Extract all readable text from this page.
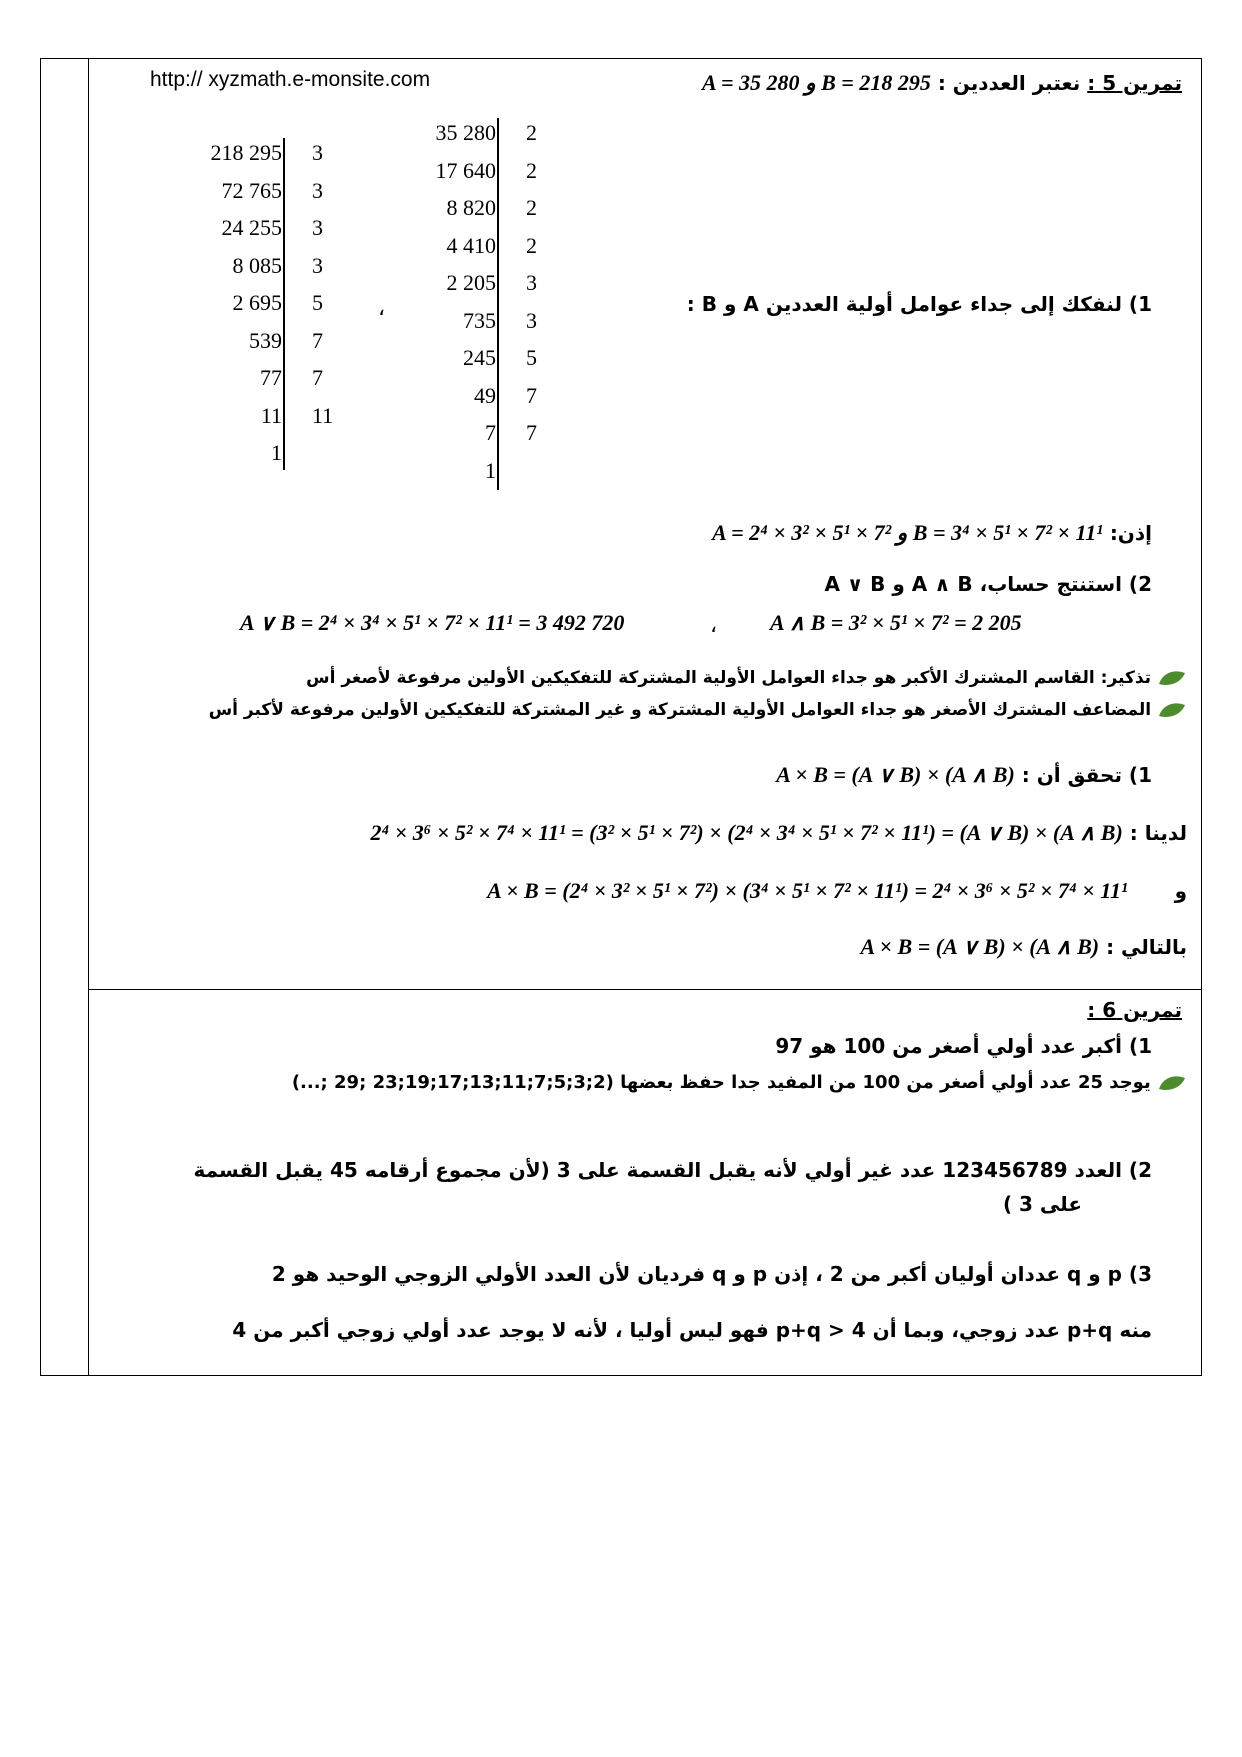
http:// xyzmath.e-monsite.com	تمرين 5 : نعتبر العددين : B = 218 295 و A = 35 280
218 295
72 765
24 255
8 085
2 695
539
77
11
1
3
3
3
3
5
7
7
11
،
35 280
17 640
8 820
4 410
2 205
735
245
49
7
1
2
2
2
2
3
3
5
7
7
1) لنفكك إلى جداء عوامل أولية العددين A و B :
إذن: B = 3⁴ × 5¹ × 7² × 11¹ و A = 2⁴ × 3² × 5¹ × 7²
2) استنتج حساب، A ∧ B و A ∨ B
A ∨ B = 2⁴ × 3⁴ × 5¹ × 7² × 11¹ = 3 492 720	، A ∧ B = 3² × 5¹ × 7² = 2 205
تذكير: القاسم المشترك الأكبر هو جداء العوامل الأولية المشتركة للتفكيكين الأولين مرفوعة لأصغر أس
المضاعف المشترك الأصغر هو جداء العوامل الأولية المشتركة و غير المشتركة للتفكيكين الأولين مرفوعة لأكبر أس
1) تحقق أن : (A ∧ B) × (A ∨ B) = A × B
لدينا : (A ∧ B) × (A ∨ B) = (2⁴ × 3⁴ × 5¹ × 7² × 11¹) × (3² × 5¹ × 7²) = 2⁴ × 3⁶ × 5² × 7⁴ × 11¹
و A × B = (2⁴ × 3² × 5¹ × 7²) × (3⁴ × 5¹ × 7² × 11¹) = 2⁴ × 3⁶ × 5² × 7⁴ × 11¹
بالتالي : (A ∧ B) × (A ∨ B) = A × B
تمرين 6 :
1) أكبر عدد أولي أصغر من 100 هو 97
يوجد 25 عدد أولي أصغر من 100 من المفيد جدا حفظ بعضها (2;3;5;7;11;13;17;19;23 ;29 ;...)
2) العدد 123456789 عدد غير أولي لأنه يقبل القسمة على 3 (لأن مجموع أرقامه 45 يقبل القسمة
على 3 )
3) p و q عددان أوليان أكبر من 2 ، إذن p و q فرديان لأن العدد الأولي الزوجي الوحيد هو 2
منه p+q عدد زوجي، وبما أن p+q > 4 فهو ليس أوليا ، لأنه لا يوجد عدد أولي زوجي أكبر من 4
